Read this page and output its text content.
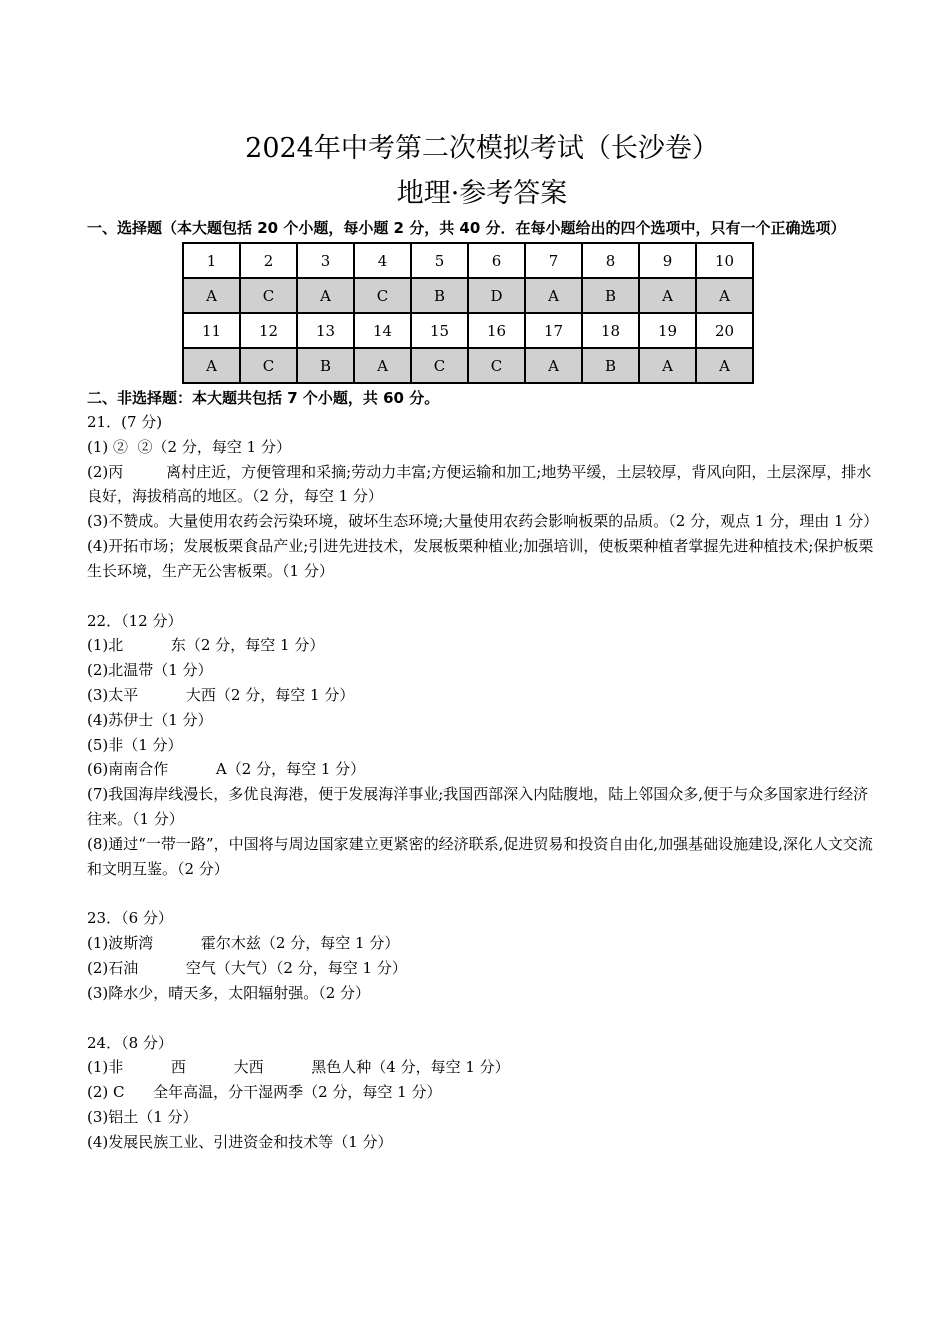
2024年中考第二次模拟考试（长沙卷）
地理·参考答案

一、选择题（本大题包括 20 个小题，每小题 2 分，共 40 分．在每小题给出的四个选项中，只有一个正确选项）

1	2	3	4	5	6	7	8	9	10
A	C	A	C	B	D	A	B	A	A
11	12	13	14	15	16	17	18	19	20
A	C	B	A	C	C	A	B	A	A

二、非选择题：本大题共包括 7 个小题，共 60 分。

21．(7 分)

(1) ②  ②（2 分，每空 1 分）

(2)丙         离村庄近，方便管理和采摘;劳动力丰富;方便运输和加工;地势平缓，土层较厚，背风向阳，土层深厚，排水良好，海拔稍高的地区。（2 分，每空 1 分）

(3)不赞成。大量使用农药会污染环境，破坏生态环境;大量使用农药会影响板栗的品质。（2 分，观点 1 分，理由 1 分）

(4)开拓市场；发展板栗食品产业;引进先进技术，发展板栗种植业;加强培训，使板栗种植者掌握先进种植技术;保护板栗生长环境，生产无公害板栗。（1 分）

22．（12 分）

(1)北          东（2 分，每空 1 分）

(2)北温带（1 分）

(3)太平          大西（2 分，每空 1 分）

(4)苏伊士（1 分）

(5)非（1 分）

(6)南南合作          A（2 分，每空 1 分）

(7)我国海岸线漫长，多优良海港，便于发展海洋事业;我国西部深入内陆腹地，陆上邻国众多,便于与众多国家进行经济往来。（1 分）

(8)通过“一带一路”，中国将与周边国家建立更紧密的经济联系,促进贸易和投资自由化,加强基础设施建设,深化人文交流和文明互鉴。（2 分）

23．（6 分）

(1)波斯湾          霍尔木兹（2 分，每空 1 分）

(2)石油          空气（大气）（2 分，每空 1 分）

(3)降水少，晴天多，太阳辐射强。（2 分）

24．（8 分）

(1)非          西          大西          黑色人种（4 分，每空 1 分）

(2) C      全年高温，分干湿两季（2 分，每空 1 分）

(3)铝土（1 分）

(4)发展民族工业、引进资金和技术等（1 分）
